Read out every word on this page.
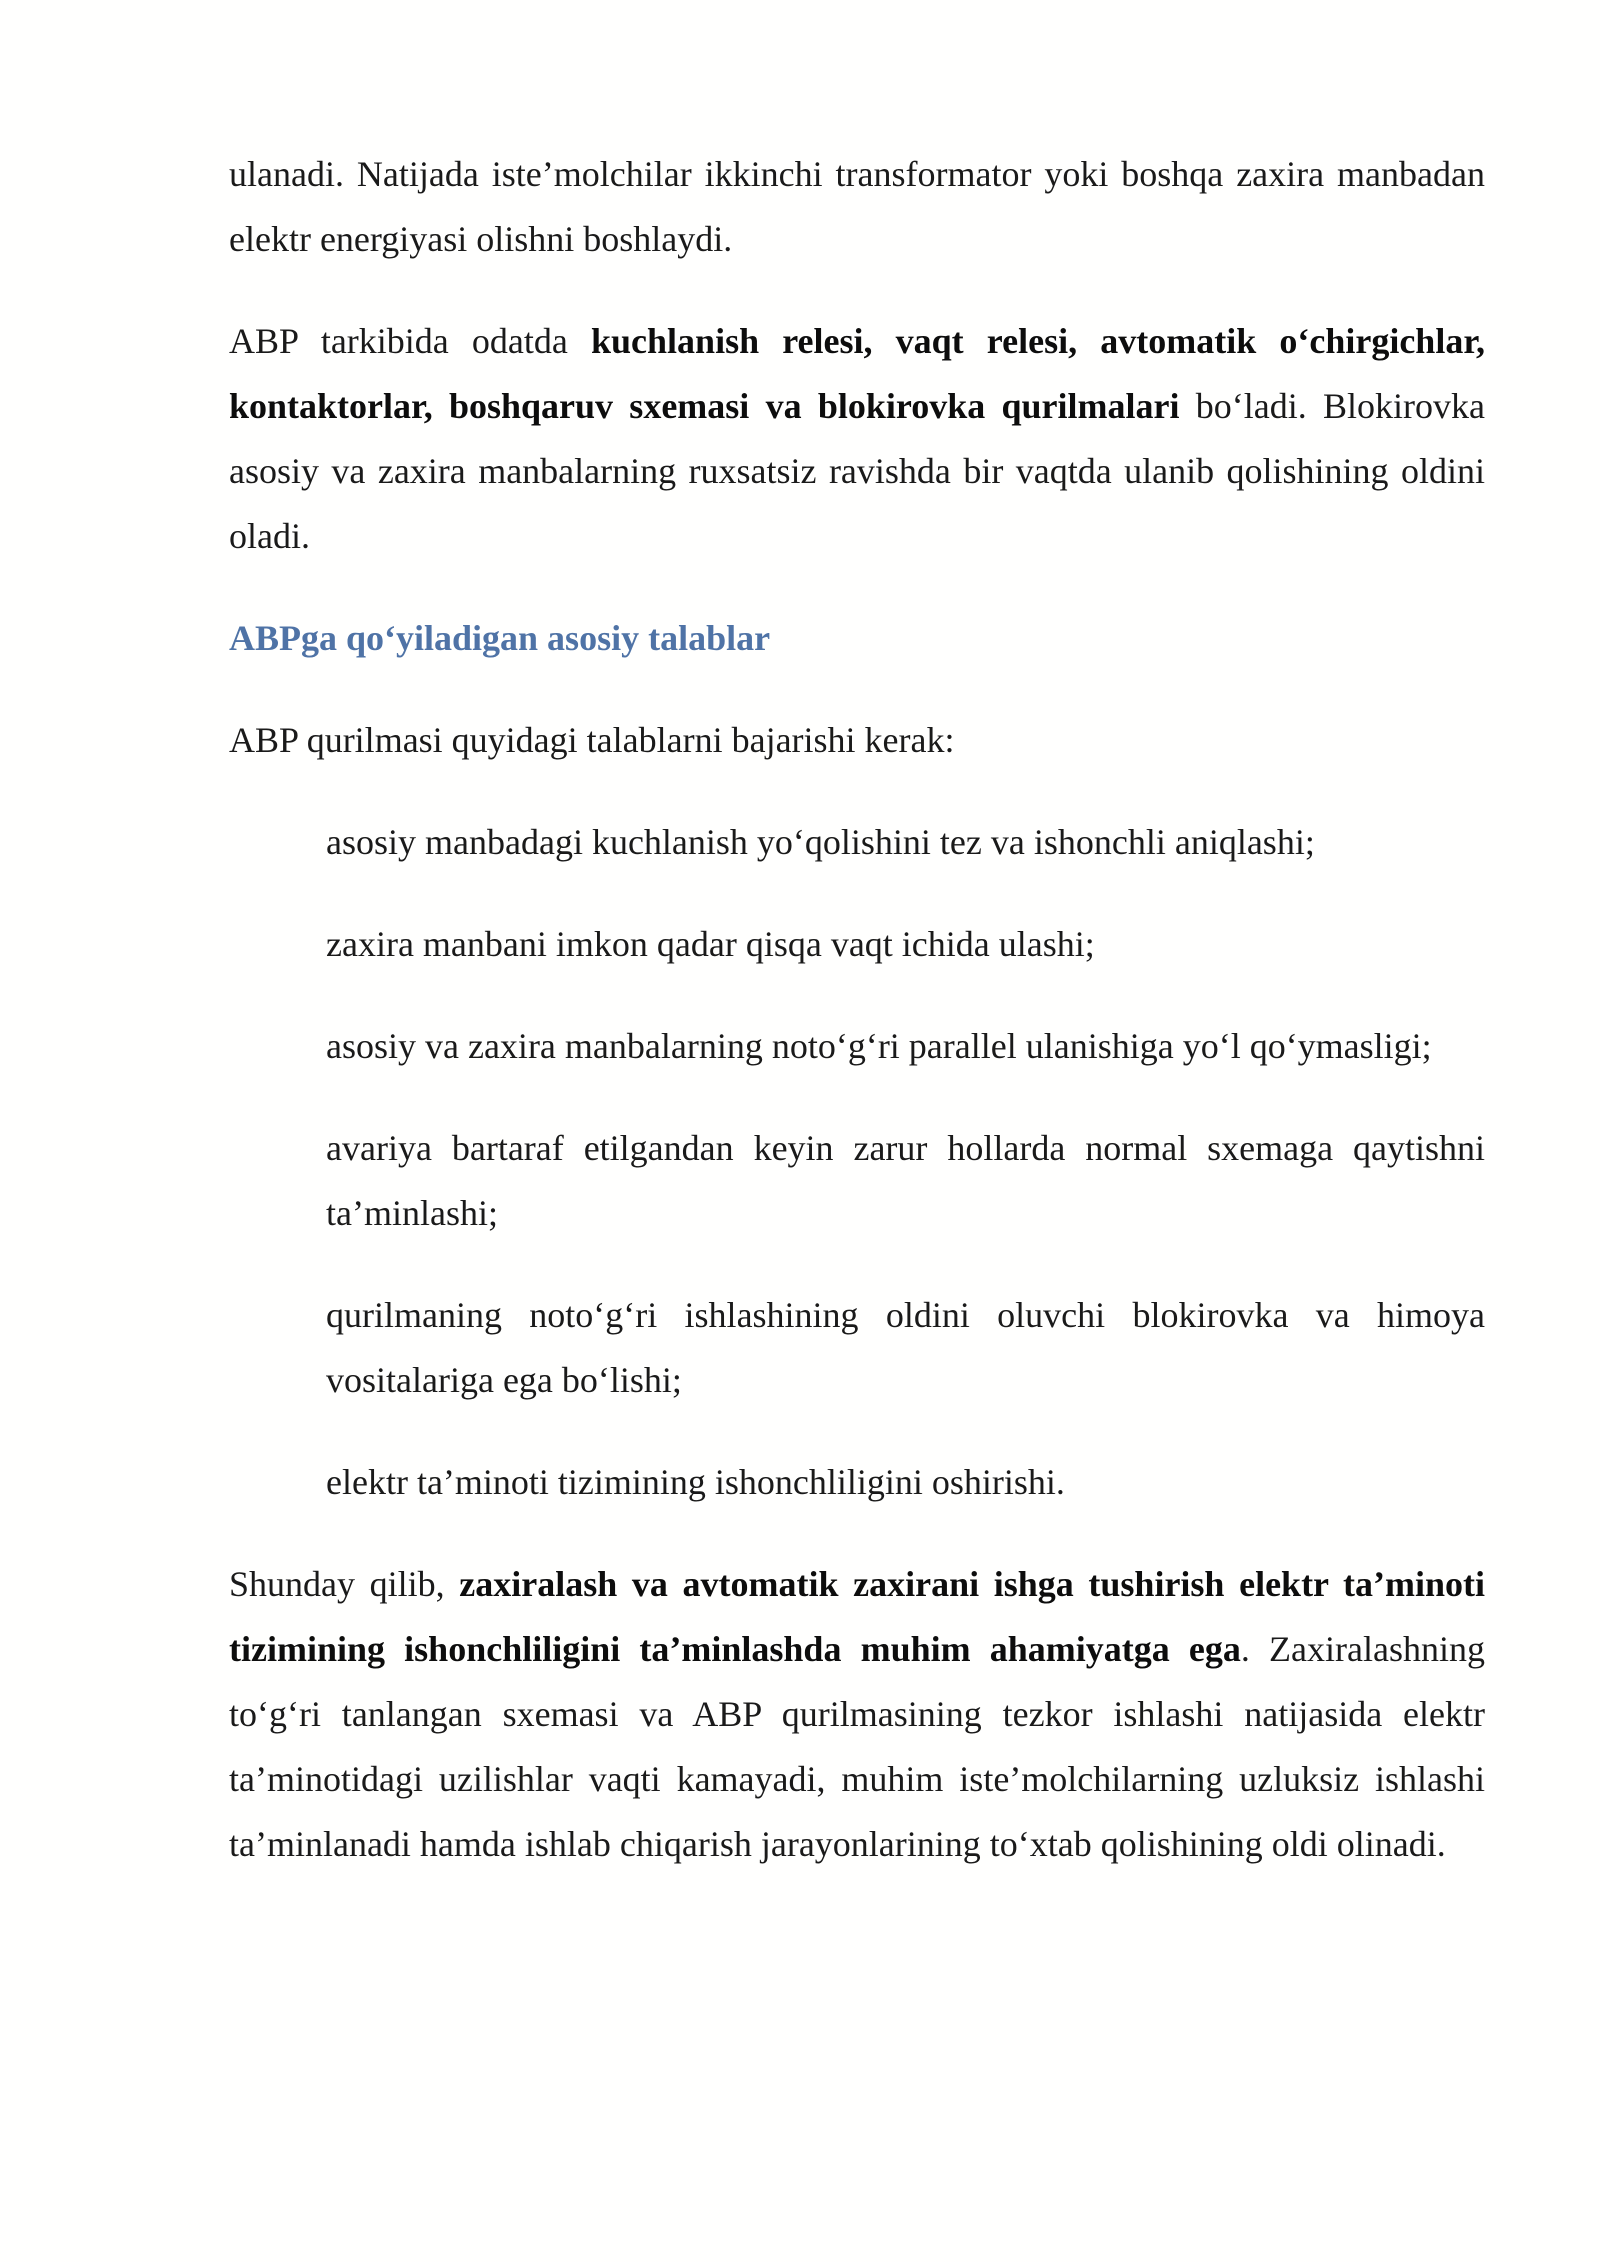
ulanadi. Natijada iste’molchilar ikkinchi transformator yoki boshqa zaxira manbadan elektr energiyasi olishni boshlaydi.

ABP tarkibida odatda kuchlanish relesi, vaqt relesi, avtomatik o‘chirgichlar, kontaktorlar, boshqaruv sxemasi va blokirovka qurilmalari bo‘ladi. Blokirovka asosiy va zaxira manbalarning ruxsatsiz ravishda bir vaqtda ulanib qolishining oldini oladi.

ABPga qo‘yiladigan asosiy talablar

ABP qurilmasi quyidagi talablarni bajarishi kerak:

asosiy manbadagi kuchlanish yo‘qolishini tez va ishonchli aniqlashi;

zaxira manbani imkon qadar qisqa vaqt ichida ulashi;

asosiy va zaxira manbalarning noto‘g‘ri parallel ulanishiga yo‘l qo‘ymasligi;

avariya bartaraf etilgandan keyin zarur hollarda normal sxemaga qaytishni ta’minlashi;

qurilmaning noto‘g‘ri ishlashining oldini oluvchi blokirovka va himoya vositalariga ega bo‘lishi;

elektr ta’minoti tizimining ishonchliligini oshirishi.

Shunday qilib, zaxiralash va avtomatik zaxirani ishga tushirish elektr ta’minoti tizimining ishonchliligini ta’minlashda muhim ahamiyatga ega. Zaxiralashning to‘g‘ri tanlangan sxemasi va ABP qurilmasining tezkor ishlashi natijasida elektr ta’minotidagi uzilishlar vaqti kamayadi, muhim iste’molchilarning uzluksiz ishlashi ta’minlanadi hamda ishlab chiqarish jarayonlarining to‘xtab qolishining oldi olinadi.
